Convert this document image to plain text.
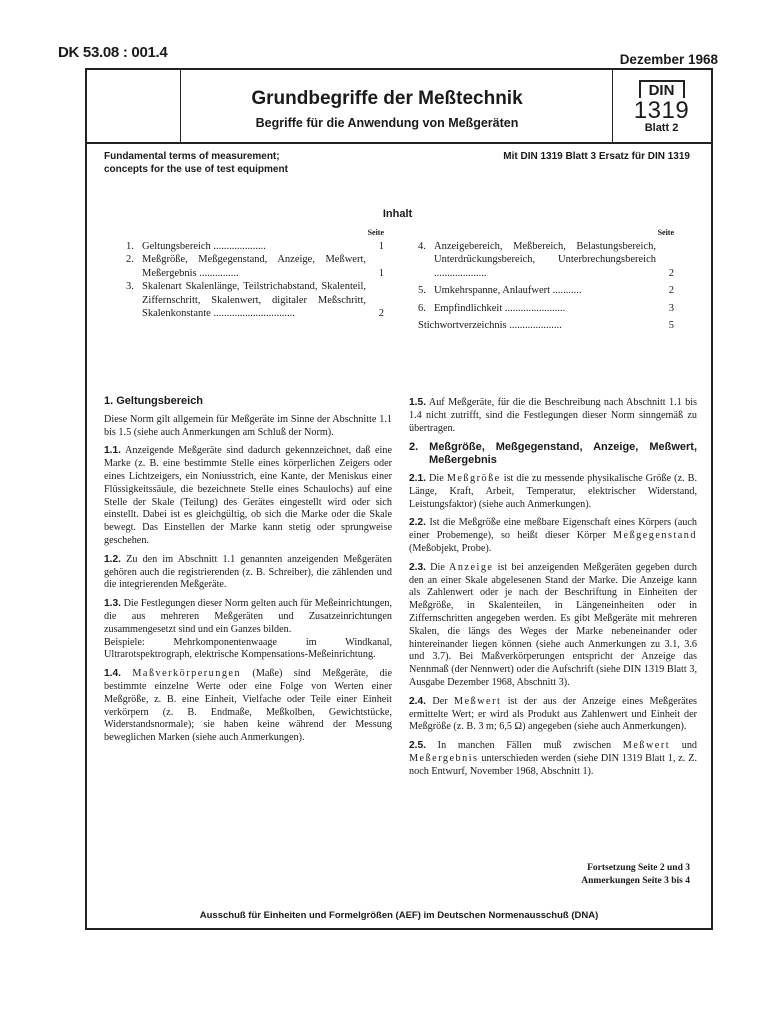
DK 53.08 : 001.4	Dezember 1968
Grundbegriffe der Meßtechnik
Begriffe für die Anwendung von Meßgeräten
DIN
1319
Blatt 2
Fundamental terms of measurement;
concepts for the use of test equipment
Mit DIN 1319 Blatt 3 Ersatz für DIN 1319
Inhalt
Seite
1. Geltungsbereich ....................	1
2. Meßgröße, Meßgegenstand, Anzeige, Meßwert, Meßergebnis ...............	1
3. Skalenart Skalenlänge, Teilstrichabstand, Skalenteil, Ziffernschritt, Skalenwert, digitaler Meßschritt, Skalenkonstante ...............................	2
Seite
4. Anzeigebereich, Meßbereich, Belastungsbereich, Unterdrückungsbereich, Unterbrechungsbereich ....................	2
5. Umkehrspanne, Anlaufwert ...........	2
6. Empfindlichkeit .......................	3
Stichwortverzeichnis ....................	5
1. Geltungsbereich

Diese Norm gilt allgemein für Meßgeräte im Sinne der Abschnitte 1.1 bis 1.5 (siehe auch Anmerkungen am Schluß der Norm).

1.1. Anzeigende Meßgeräte sind dadurch gekennzeichnet, daß eine Marke (z. B. eine bestimmte Stelle eines körperlichen Zeigers oder eines Lichtzeigers, ein Noniusstrich, eine Kante, der Meniskus einer Flüssigkeitssäule, die bezeichnete Stelle eines Schaulochs) auf eine Stelle der Skale (Teilung) des Gerätes eingestellt wird oder sich einstellt. Dabei ist es gleichgültig, ob sich die Marke oder die Skale bewegt. Das Einstellen der Marke kann stetig oder sprungweise geschehen.

1.2. Zu den im Abschnitt 1.1 genannten anzeigenden Meßgeräten gehören auch die registrierenden (z. B. Schreiber), die zählenden und die integrierenden Meßgeräte.

1.3. Die Festlegungen dieser Norm gelten auch für Meßeinrichtungen, die aus mehreren Meßgeräten und Zusatzeinrichtungen zusammengesetzt sind und ein Ganzes bilden.

Beispiele: Mehrkomponentenwaage im Windkanal, Ultrarotspektrograph, elektrische Kompensations-Meßeinrichtung.

1.4. Maßverkörperungen (Maße) sind Meßgeräte, die bestimmte einzelne Werte oder eine Folge von Werten einer Meßgröße, z. B. eine Einheit, Vielfache oder Teile einer Einheit verkörpern (z. B. Endmaße, Meßkolben, Gewichtstücke, Widerstandsnormale); sie haben keine während der Messung beweglichen Marken (siehe auch Anmerkungen).

1.5. Auf Meßgeräte, für die die Beschreibung nach Abschnitt 1.1 bis 1.4 nicht zutrifft, sind die Festlegungen dieser Norm sinngemäß zu übertragen.

2. Meßgröße, Meßgegenstand, Anzeige, Meßwert, Meßergebnis

2.1. Die Meßgröße ist die zu messende physikalische Größe (z. B. Länge, Kraft, Arbeit, Temperatur, elektrischer Widerstand, Leistungsfaktor) (siehe auch Anmerkungen).

2.2. Ist die Meßgröße eine meßbare Eigenschaft eines Körpers (auch einer Probemenge), so heißt dieser Körper Meßgegenstand (Meßobjekt, Probe).

2.3. Die Anzeige ist bei anzeigenden Meßgeräten gegeben durch den an einer Skale abgelesenen Stand der Marke. Die Anzeige kann als Zahlenwert oder je nach der Beschriftung in Einheiten der Meßgröße, in Skalenteilen, in Längeneinheiten oder in Ziffernschritten angegeben werden. Es gibt Meßgeräte mit mehreren Skalen, die längs des Weges der Marke nebeneinander oder hintereinander liegen können (siehe auch Anmerkungen zu 3.1, 3.6 und 3.7). Bei Maßverkörperungen entspricht der Anzeige das Nennmaß (der Nennwert) oder die Aufschrift (siehe DIN 1319 Blatt 3, Ausgabe Dezember 1968, Abschnitt 3).

2.4. Der Meßwert ist der aus der Anzeige eines Meßgerätes ermittelte Wert; er wird als Produkt aus Zahlenwert und Einheit der Meßgröße (z. B. 3 m; 6,5 Ω) angegeben (siehe auch Anmerkungen).

2.5. In manchen Fällen muß zwischen Meßwert und Meßergebnis unterschieden werden (siehe DIN 1319 Blatt 1, z. Z. noch Entwurf, November 1968, Abschnitt 1).

Fortsetzung Seite 2 und 3
Anmerkungen Seite 3 bis 4
Ausschuß für Einheiten und Formelgrößen (AEF) im Deutschen Normenausschuß (DNA)
